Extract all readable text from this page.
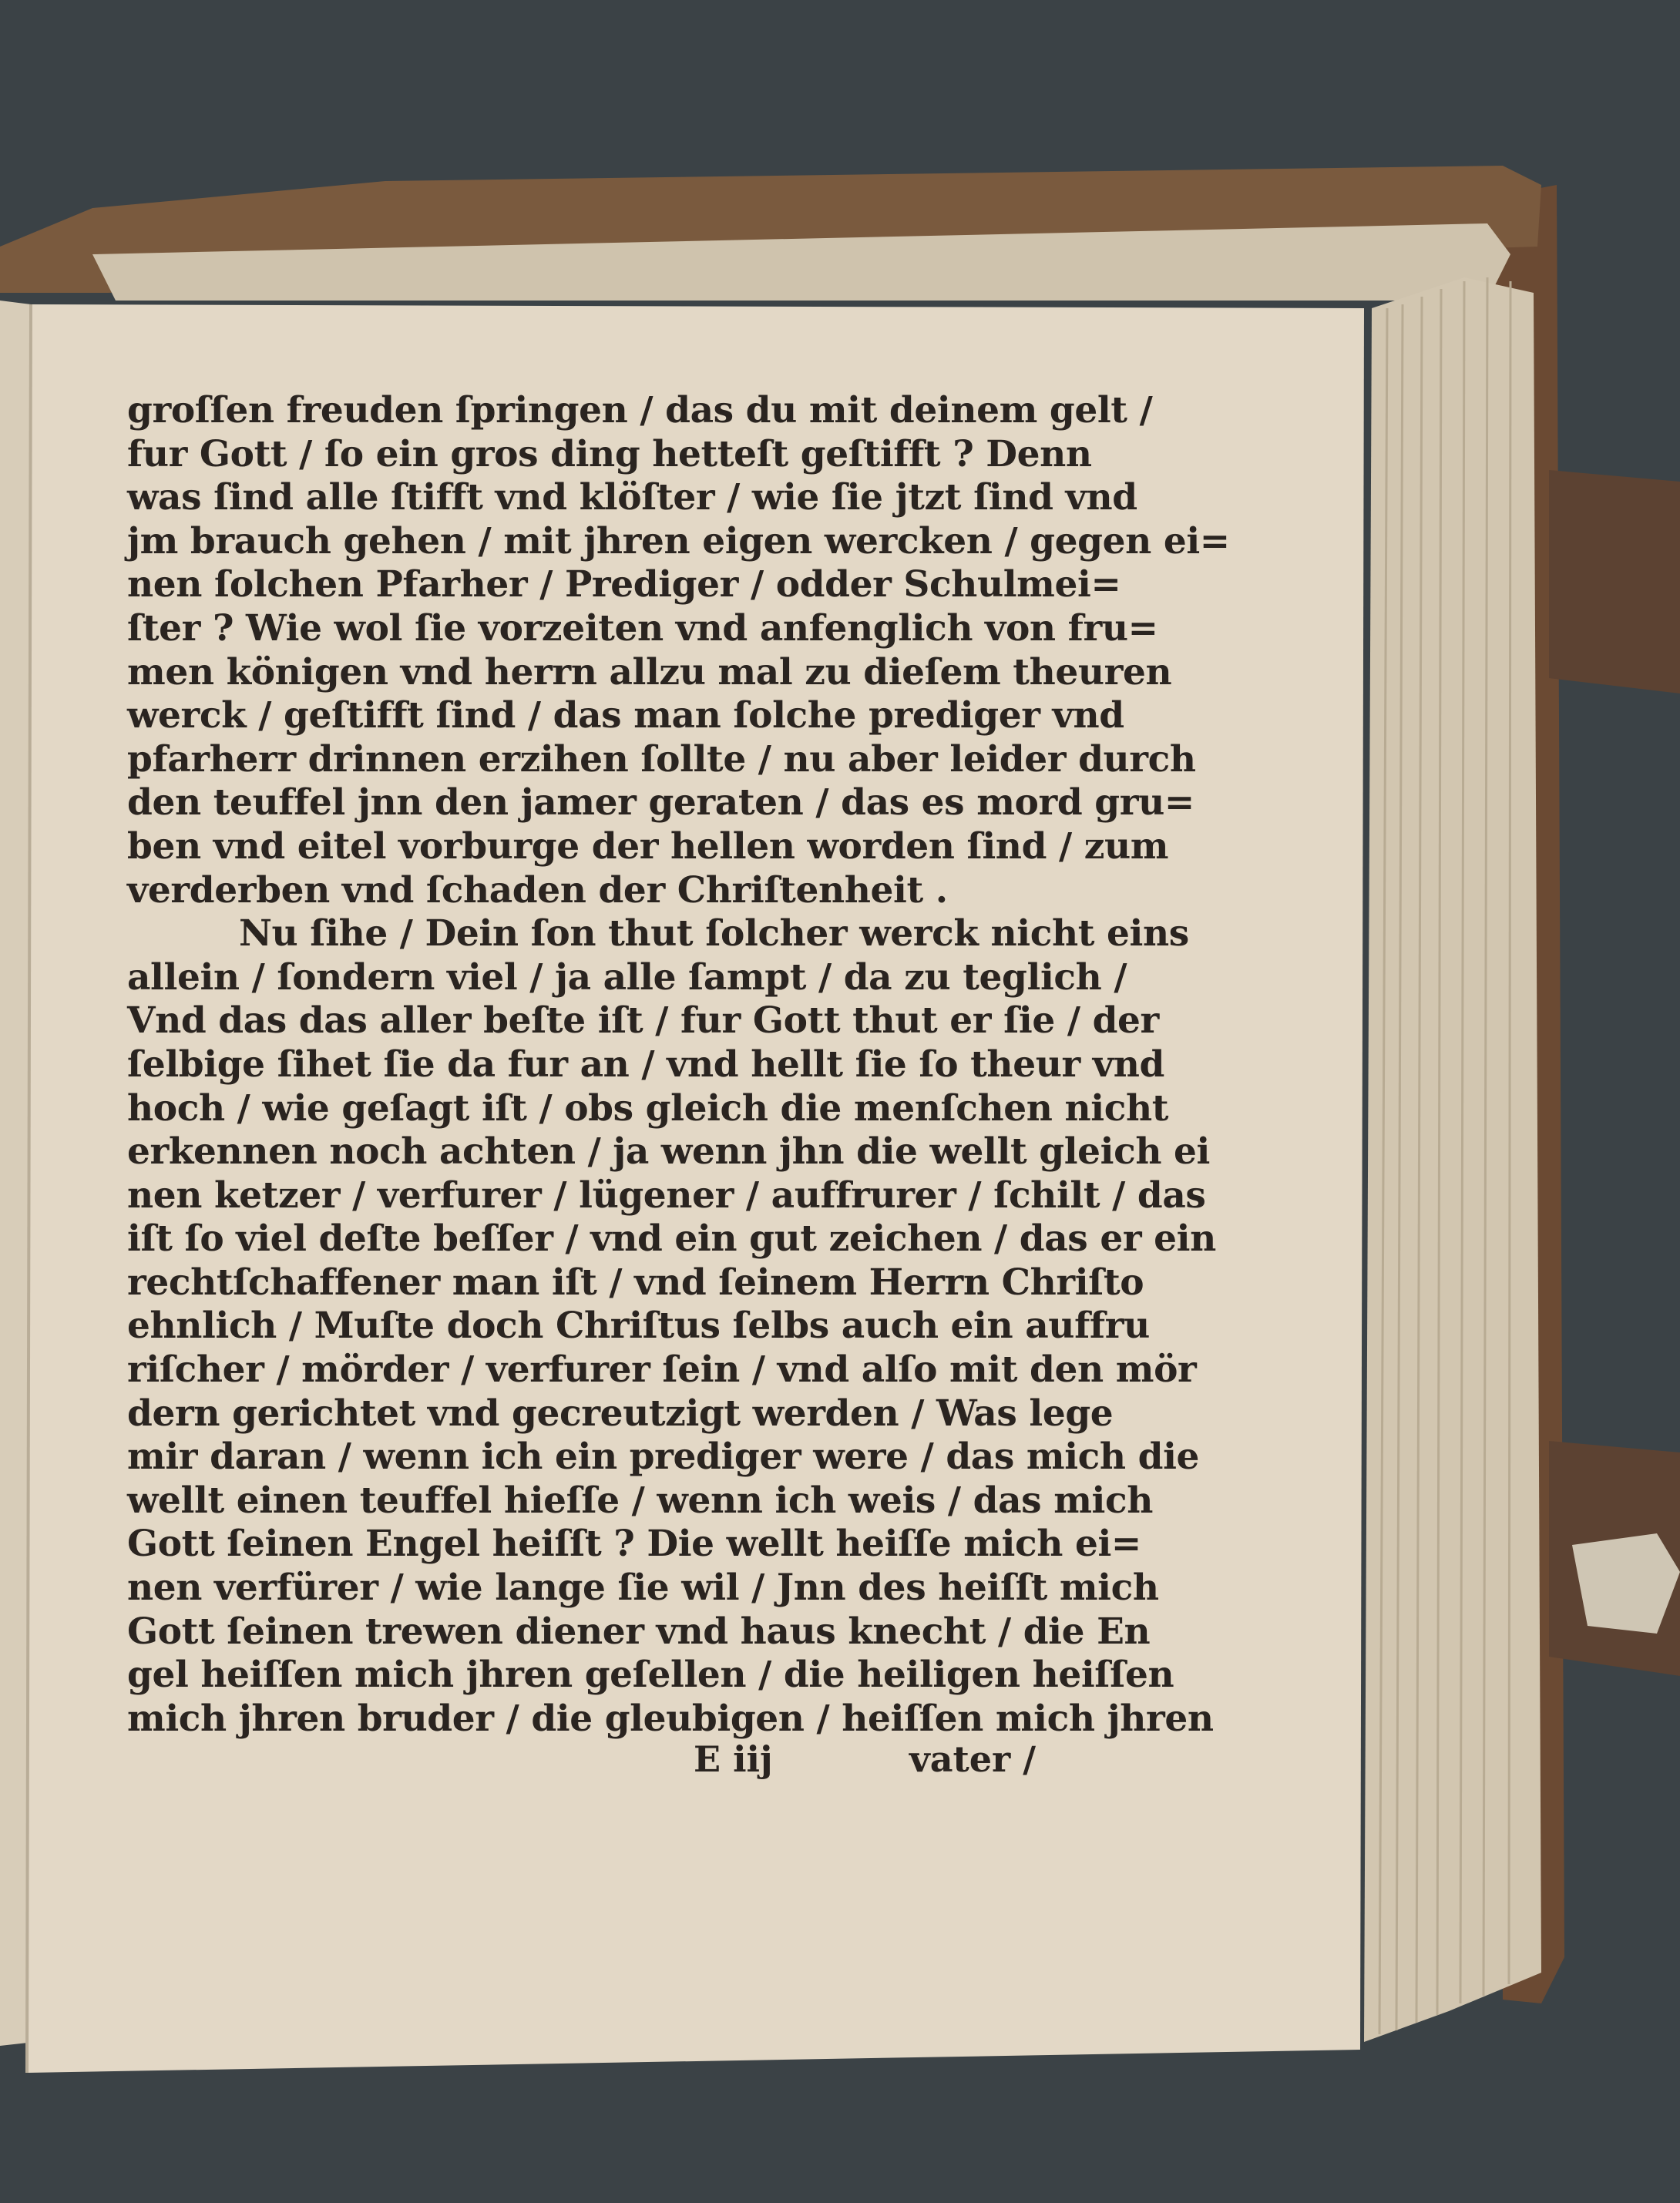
groſſen freuden ſpringen / das du mit deinem gelt /
fur Gott / ſo ein gros ding hetteſt geſtifft ? Denn
was ſind alle ſtifft vnd klöſter / wie ſie jtzt ſind vnd
jm brauch gehen / mit jhren eigen wercken / gegen ei=
nen ſolchen Pfarher / Prediger / odder Schulmei=
ſter ? Wie wol ſie vorzeiten vnd anfenglich von fru=
men königen vnd herrn allzu mal zu dieſem theuren
werck / geſtifft ſind / das man ſolche prediger vnd
pfarherr drinnen erzihen ſollte / nu aber leider durch
den teuffel jnn den jamer geraten / das es mord gru=
ben vnd eitel vorburge der hellen worden ſind / zum
verderben vnd ſchaden der Chriſtenheit .
Nu ſihe / Dein ſon thut ſolcher werck nicht eins
allein / ſondern viel / ja alle ſampt / da zu teglich /
Vnd das das aller beſte iſt / fur Gott thut er ſie / der
ſelbige ſihet ſie da fur an / vnd hellt ſie ſo theur vnd
hoch / wie geſagt iſt / obs gleich die menſchen nicht
erkennen noch achten / ja wenn jhn die wellt gleich ei
nen ketzer / verfurer / lügener / auffrurer / ſchilt / das
iſt ſo viel deſte beſſer / vnd ein gut zeichen / das er ein
rechtſchaffener man iſt / vnd ſeinem Herrn Chriſto
ehnlich / Muſte doch Chriſtus ſelbs auch ein auffru
riſcher / mörder / verfurer ſein / vnd alſo mit den mör
dern gerichtet vnd gecreutzigt werden / Was lege
mir daran / wenn ich ein prediger were / das mich die
wellt einen teuffel hieſſe / wenn ich weis / das mich
Gott ſeinen Engel heiſſt ? Die wellt heiſſe mich ei=
nen verfürer / wie lange ſie wil / Jnn des heiſſt mich
Gott ſeinen trewen diener vnd haus knecht / die En
gel heiſſen mich jhren geſellen / die heiligen heiſſen
mich jhren bruder / die gleubigen / heiſſen mich jhren
E iij	vater /
